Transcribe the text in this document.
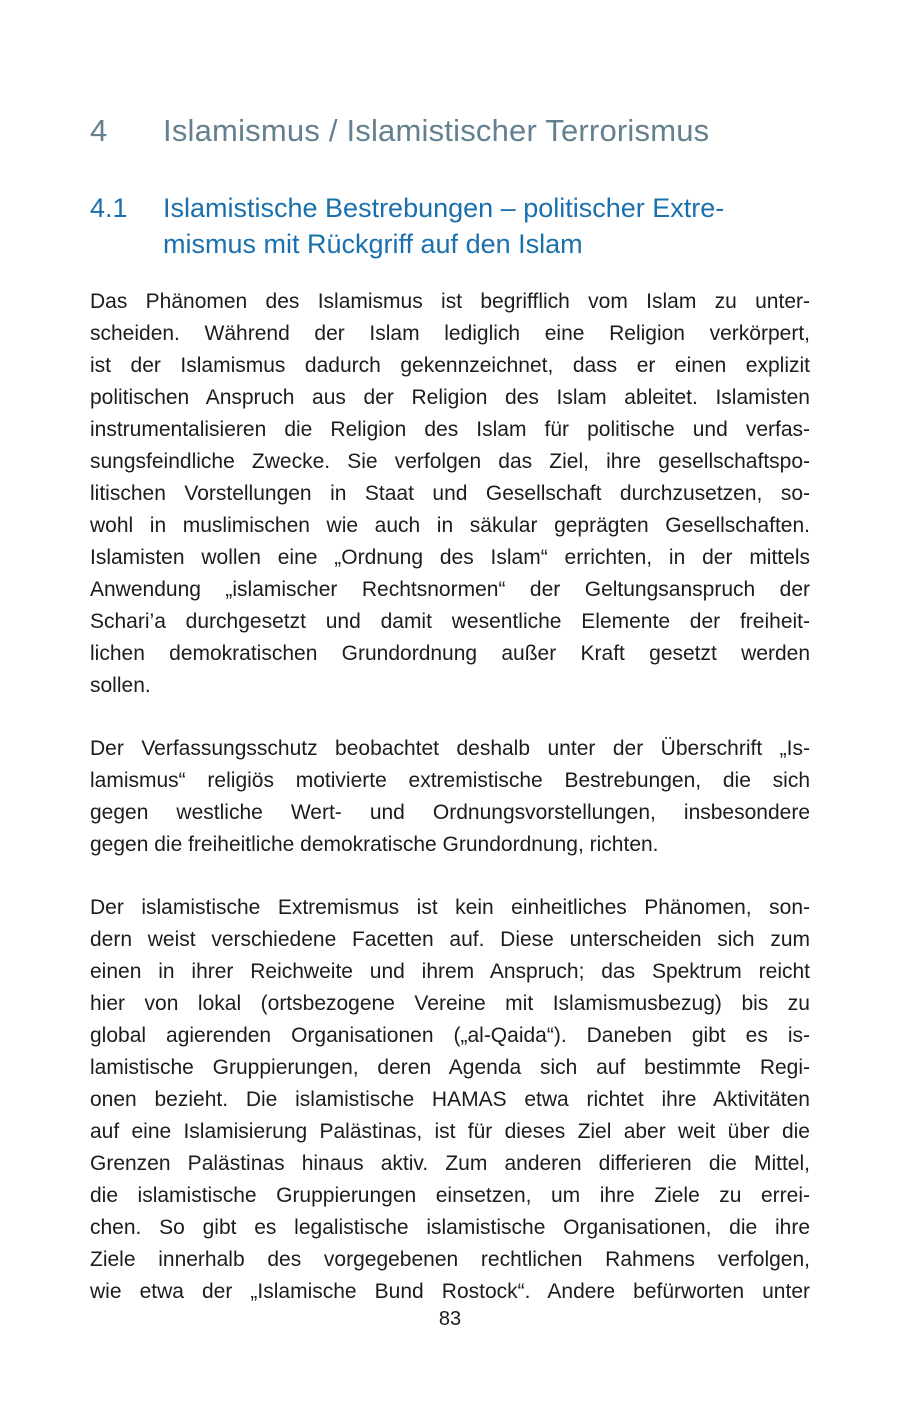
4	Islamismus / Islamistischer Terrorismus
4.1	Islamistische Bestrebungen – politischer Extre-
mismus mit Rückgriff auf den Islam

Das Phänomen des Islamismus ist begrifflich vom Islam zu unter-
scheiden. Während der Islam lediglich eine Religion verkörpert,
ist der Islamismus dadurch gekennzeichnet, dass er einen explizit
politischen Anspruch aus der Religion des Islam ableitet. Islamisten
instrumentalisieren die Religion des Islam für politische und verfas-
sungsfeindliche Zwecke. Sie verfolgen das Ziel, ihre gesellschaftspo-
litischen Vorstellungen in Staat und Gesellschaft durchzusetzen, so-
wohl in muslimischen wie auch in säkular geprägten Gesellschaften.
Islamisten wollen eine „Ordnung des Islam“ errichten, in der mittels
Anwendung „islamischer Rechtsnormen“ der Geltungsanspruch der
Schari’a durchgesetzt und damit wesentliche Elemente der freiheit-
lichen demokratischen Grundordnung außer Kraft gesetzt werden
sollen.

Der Verfassungsschutz beobachtet deshalb unter der Überschrift „Is-
lamismus“ religiös motivierte extremistische Bestrebungen, die sich
gegen westliche Wert- und Ordnungsvorstellungen, insbesondere
gegen die freiheitliche demokratische Grundordnung, richten.

Der islamistische Extremismus ist kein einheitliches Phänomen, son-
dern weist verschiedene Facetten auf. Diese unterscheiden sich zum
einen in ihrer Reichweite und ihrem Anspruch; das Spektrum reicht
hier von lokal (ortsbezogene Vereine mit Islamismusbezug) bis zu
global agierenden Organisationen („al-Qaida“). Daneben gibt es is-
lamistische Gruppierungen, deren Agenda sich auf bestimmte Regi-
onen bezieht. Die islamistische HAMAS etwa richtet ihre Aktivitäten
auf eine Islamisierung Palästinas, ist für dieses Ziel aber weit über die
Grenzen Palästinas hinaus aktiv. Zum anderen differieren die Mittel,
die islamistische Gruppierungen einsetzen, um ihre Ziele zu errei-
chen. So gibt es legalistische islamistische Organisationen, die ihre
Ziele innerhalb des vorgegebenen rechtlichen Rahmens verfolgen,
wie etwa der „Islamische Bund Rostock“. Andere befürworten unter

83
